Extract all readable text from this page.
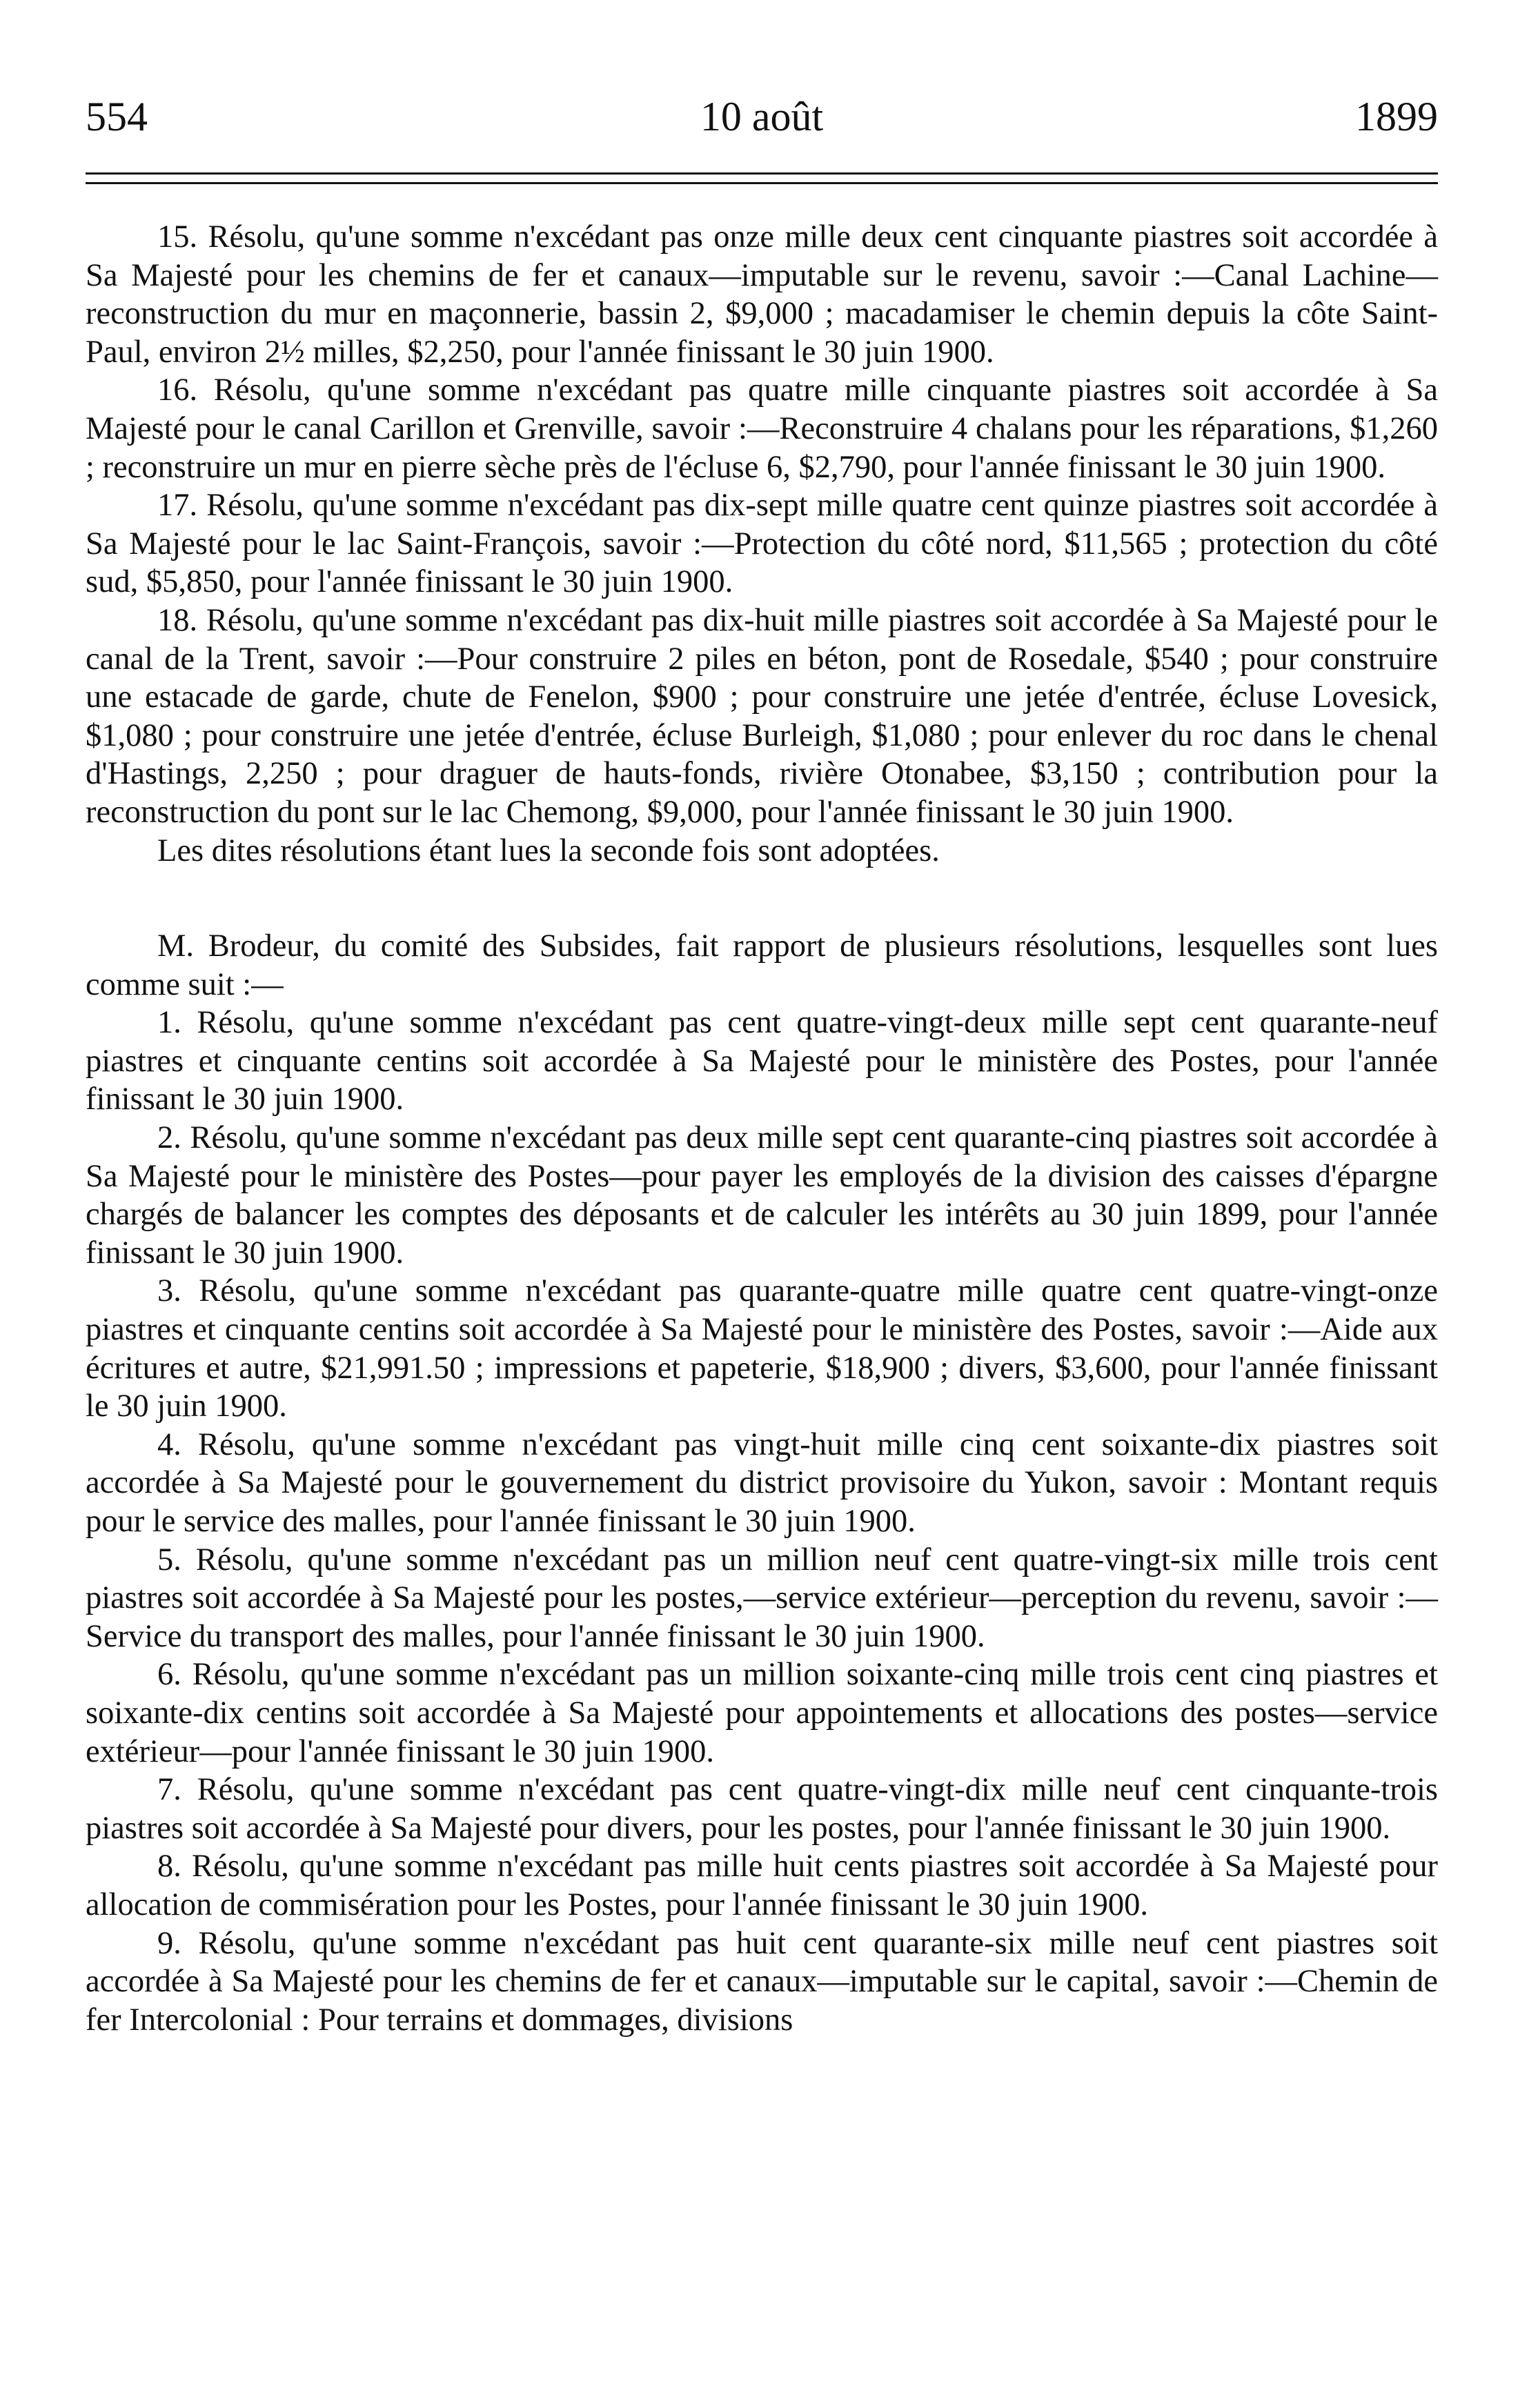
10 août
554	1899

15. Résolu, qu'une somme n'excédant pas onze mille deux cent cinquante piastres soit accordée à Sa Majesté pour les chemins de fer et canaux—imputable sur le revenu, savoir :—Canal Lachine—reconstruction du mur en maçonnerie, bassin 2, $9,000 ; macadamiser le chemin depuis la côte Saint-Paul, environ 2½ milles, $2,250, pour l'année finissant le 30 juin 1900.

16. Résolu, qu'une somme n'excédant pas quatre mille cinquante piastres soit accordée à Sa Majesté pour le canal Carillon et Grenville, savoir :—Reconstruire 4 chalans pour les réparations, $1,260 ; reconstruire un mur en pierre sèche près de l'écluse 6, $2,790, pour l'année finissant le 30 juin 1900.

17. Résolu, qu'une somme n'excédant pas dix-sept mille quatre cent quinze piastres soit accordée à Sa Majesté pour le lac Saint-François, savoir :—Protection du côté nord, $11,565 ; protection du côté sud, $5,850, pour l'année finissant le 30 juin 1900.

18. Résolu, qu'une somme n'excédant pas dix-huit mille piastres soit accordée à Sa Majesté pour le canal de la Trent, savoir :—Pour construire 2 piles en béton, pont de Rosedale, $540 ; pour construire une estacade de garde, chute de Fenelon, $900 ; pour construire une jetée d'entrée, écluse Lovesick, $1,080 ; pour construire une jetée d'entrée, écluse Burleigh, $1,080 ; pour enlever du roc dans le chenal d'Hastings, 2,250 ; pour draguer de hauts-fonds, rivière Otonabee, $3,150 ; contribution pour la reconstruction du pont sur le lac Chemong, $9,000, pour l'année finissant le 30 juin 1900.

Les dites résolutions étant lues la seconde fois sont adoptées.

M. Brodeur, du comité des Subsides, fait rapport de plusieurs résolutions, lesquelles sont lues comme suit :—

1. Résolu, qu'une somme n'excédant pas cent quatre-vingt-deux mille sept cent quarante-neuf piastres et cinquante centins soit accordée à Sa Majesté pour le ministère des Postes, pour l'année finissant le 30 juin 1900.

2. Résolu, qu'une somme n'excédant pas deux mille sept cent quarante-cinq piastres soit accordée à Sa Majesté pour le ministère des Postes—pour payer les employés de la division des caisses d'épargne chargés de balancer les comptes des déposants et de calculer les intérêts au 30 juin 1899, pour l'année finissant le 30 juin 1900.

3. Résolu, qu'une somme n'excédant pas quarante-quatre mille quatre cent quatre-vingt-onze piastres et cinquante centins soit accordée à Sa Majesté pour le ministère des Postes, savoir :—Aide aux écritures et autre, $21,991.50 ; impressions et papeterie, $18,900 ; divers, $3,600, pour l'année finissant le 30 juin 1900.

4. Résolu, qu'une somme n'excédant pas vingt-huit mille cinq cent soixante-dix piastres soit accordée à Sa Majesté pour le gouvernement du district provisoire du Yukon, savoir : Montant requis pour le service des malles, pour l'année finissant le 30 juin 1900.

5. Résolu, qu'une somme n'excédant pas un million neuf cent quatre-vingt-six mille trois cent piastres soit accordée à Sa Majesté pour les postes,—service extérieur—perception du revenu, savoir :—Service du transport des malles, pour l'année finissant le 30 juin 1900.

6. Résolu, qu'une somme n'excédant pas un million soixante-cinq mille trois cent cinq piastres et soixante-dix centins soit accordée à Sa Majesté pour appointements et allocations des postes—service extérieur—pour l'année finissant le 30 juin 1900.

7. Résolu, qu'une somme n'excédant pas cent quatre-vingt-dix mille neuf cent cinquante-trois piastres soit accordée à Sa Majesté pour divers, pour les postes, pour l'année finissant le 30 juin 1900.

8. Résolu, qu'une somme n'excédant pas mille huit cents piastres soit accordée à Sa Majesté pour allocation de commisération pour les Postes, pour l'année finissant le 30 juin 1900.

9. Résolu, qu'une somme n'excédant pas huit cent quarante-six mille neuf cent piastres soit accordée à Sa Majesté pour les chemins de fer et canaux—imputable sur le capital, savoir :—Chemin de fer Intercolonial : Pour terrains et dommages, divisions
